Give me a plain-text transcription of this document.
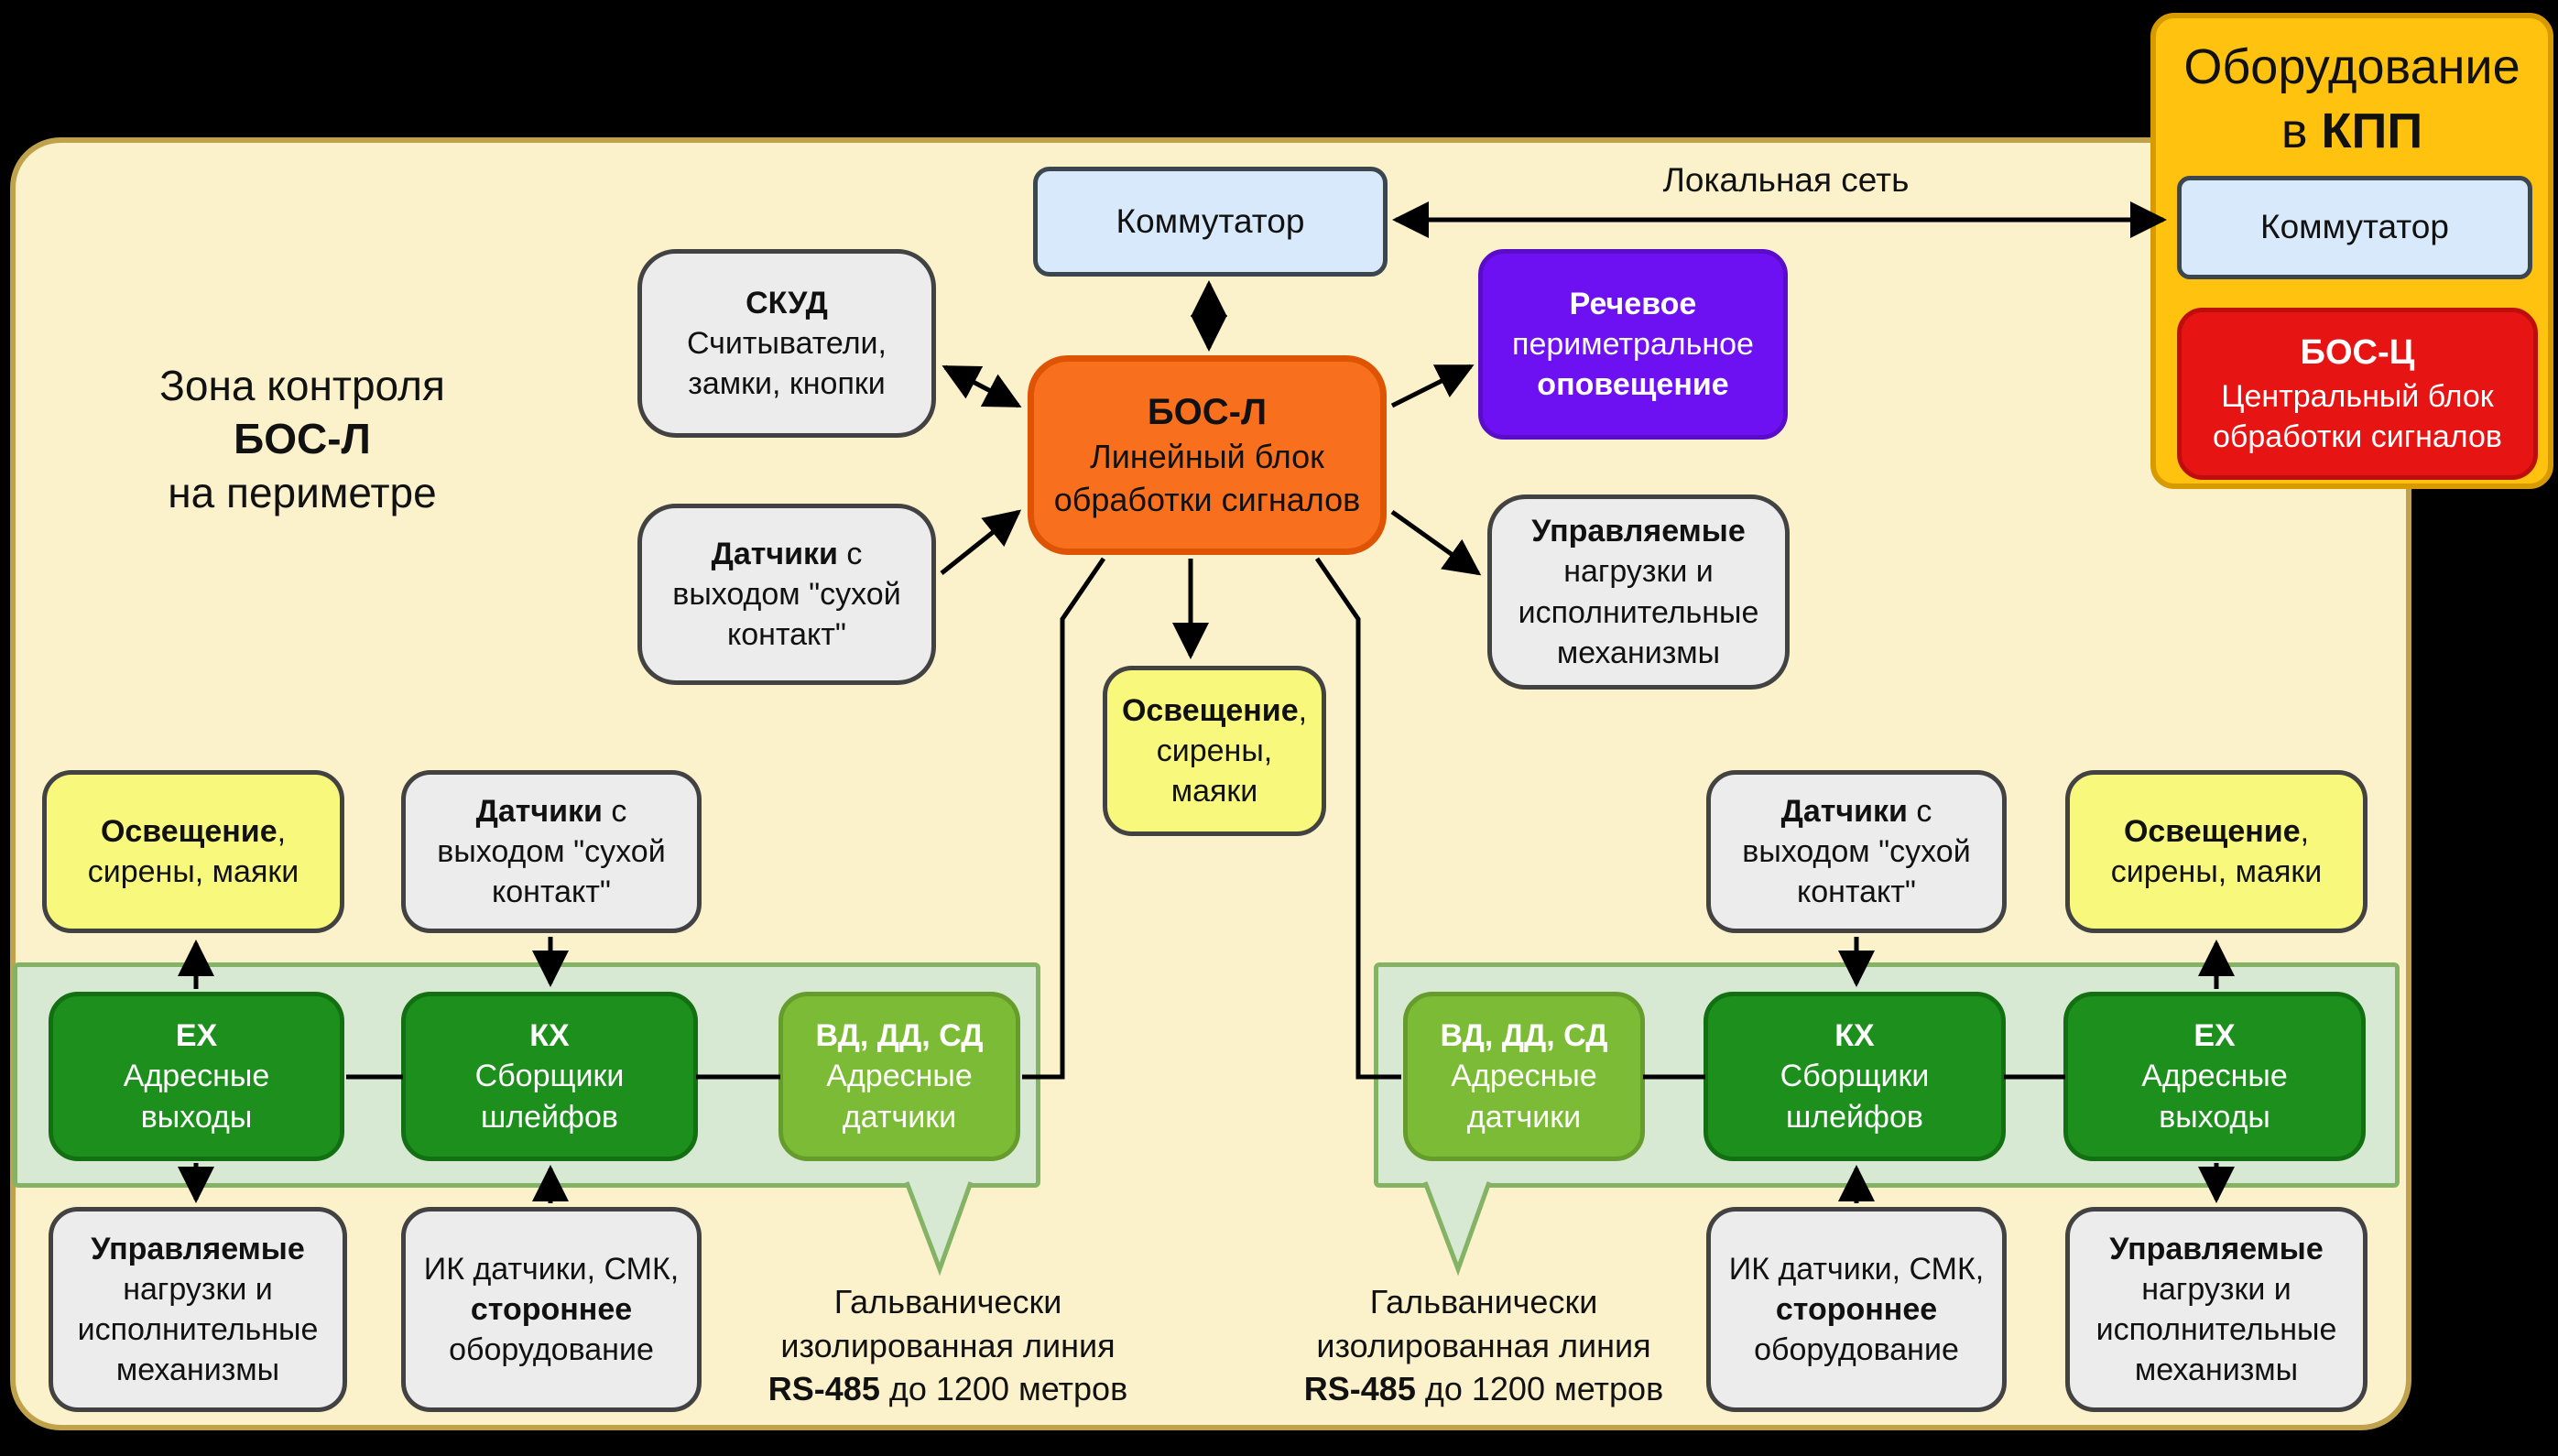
Зона контроля
БОС-Л
на периметре
Коммутатор
Локальная сеть
БОС-Л
Линейный блок
обработки сигналов
СКУД
Считыватели,
замки, кнопки
Датчики с
выходом "сухой
контакт"
Речевое
периметральное
оповещение
Управляемые
нагрузки и
исполнительные
механизмы
Освещение,
сирены,
маяки
Освещение,
сирены, маяки
Датчики с
выходом "сухой
контакт"
EX
Адресные
выходы
КХ
Сборщики
шлейфов
ВД, ДД, СД
Адресные
датчики
Управляемые
нагрузки и
исполнительные
механизмы
ИК датчики, СМК,
стороннее
оборудование
Гальванически
изолированная линия
RS-485 до 1200 метров
Датчики с
выходом "сухой
контакт"
Освещение,
сирены, маяки
ВД, ДД, СД
Адресные
датчики
КХ
Сборщики
шлейфов
EX
Адресные
выходы
ИК датчики, СМК,
стороннее
оборудование
Управляемые
нагрузки и
исполнительные
механизмы
Гальванически
изолированная линия
RS-485 до 1200 метров
Оборудование
в КПП
Коммутатор
БОС-Ц
Центральный блок
обработки сигналов
